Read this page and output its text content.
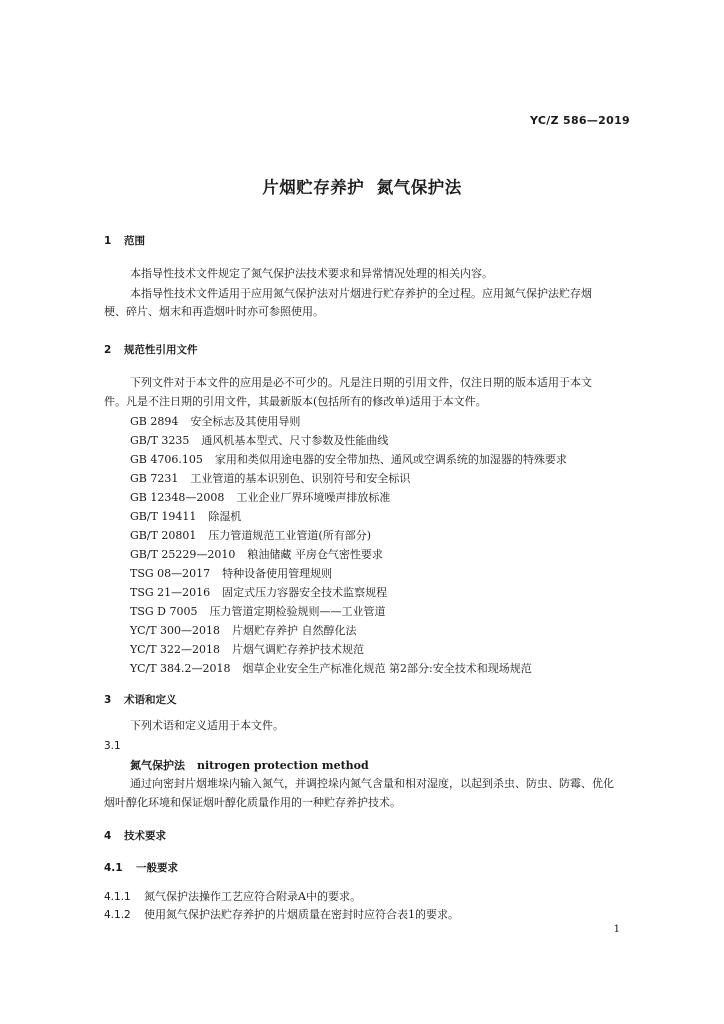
YC/Z 586—2019
片烟贮存养护  氮气保护法
1 范围
本指导性技术文件规定了氮气保护法技术要求和异常情况处理的相关内容。
本指导性技术文件适用于应用氮气保护法对片烟进行贮存养护的全过程。应用氮气保护法贮存烟
梗、碎片、烟末和再造烟叶时亦可参照使用。
2 规范性引用文件
下列文件对于本文件的应用是必不可少的。凡是注日期的引用文件，仅注日期的版本适用于本文
件。凡是不注日期的引用文件，其最新版本(包括所有的修改单)适用于本文件。
GB 2894 安全标志及其使用导则
GB/T 3235 通风机基本型式、尺寸参数及性能曲线
GB 4706.105 家用和类似用途电器的安全带加热、通风或空调系统的加湿器的特殊要求
GB 7231 工业管道的基本识别色、识别符号和安全标识
GB 12348—2008 工业企业厂界环境噪声排放标准
GB/T 19411 除湿机
GB/T 20801 压力管道规范工业管道(所有部分)
GB/T 25229—2010 粮油储藏 平房仓气密性要求
TSG 08—2017 特种设备使用管理规则
TSG 21—2016 固定式压力容器安全技术监察规程
TSG D 7005 压力管道定期检验规则——工业管道
YC/T 300—2018 片烟贮存养护 自然醇化法
YC/T 322—2018 片烟气调贮存养护技术规范
YC/T 384.2—2018 烟草企业安全生产标准化规范 第2部分:安全技术和现场规范
3 术语和定义
下列术语和定义适用于本文件。
3.1
氮气保护法 nitrogen protection method
通过向密封片烟堆垛内输入氮气，并调控垛内氮气含量和相对湿度，以起到杀虫、防虫、防霉、优化
烟叶醇化环境和保证烟叶醇化质量作用的一种贮存养护技术。
4 技术要求
4.1 一般要求
4.1.1 氮气保护法操作工艺应符合附录A中的要求。
4.1.2 使用氮气保护法贮存养护的片烟质量在密封时应符合表1的要求。
1
